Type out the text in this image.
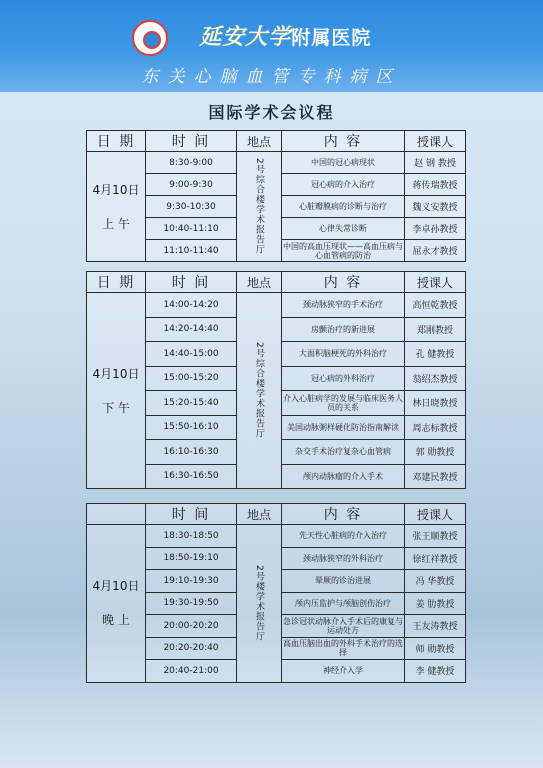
延安大学附属医院
东关心脑血管专科病区
国际学术会议程
日 期	时 间	地点	内 容	授课人

4月10日
上 午	8:30-9:00	2号综合楼学术报告厅	中国的冠心病现状	赵 钢 教授
	9:00-9:30		冠心病的介入治疗	蒋传瑞教授
	9:30-10:30		心脏瓣膜病的诊断与治疗	魏义安教授
	10:40-11:10		心律失常诊断	李卓孙教授
	11:10-11:40		中国的高血压现状——高血压病与心血管病的防治	屈永才教授
日 期	时 间	地点	内 容	授课人

4月10日
下 午	14:00-14:20	2号综合楼学术报告厅	颈动脉狭窄的手术治疗	高恒乾教授
	14:20-14:40		房颤治疗的新进展	郑刚教授
	14:40-15:00		大面积脑梗死的外科治疗	孔 健教授
	15:00-15:20		冠心病的外科治疗	翁绍杰教授
	15:20-15:40		介入心脏病学的发展与临床医务人员的关系	林日晓教授
	15:50-16:10		美国动脉粥样硬化防治指南解读	周志标教授
	16:10-16:30		杂交手术治疗复杂心血管病	郭 勋教授
	16:30-16:50		颅内动脉瘤的介入手术	邓建民教授
	时 间	地点	内 容	授课人

4月10日
晚 上	18:30-18:50	2号楼学术报告厅	先天性心脏病的介入治疗	张王顺教授
	18:50-19:10		颈动脉狭窄的外科治疗	徐红祥教授
	19:10-19:30		晕厥的诊治进展	冯 华教授
	19:30-19:50		颅内压监护与颅脑创伤治疗	姜 肋教授
	20:00-20:20		急诊冠状动脉介入手术后的康复与运动处方	王友涛教授
	20:20-20:40		高血压脑出血的外科手术治疗的选择	师 勋教授
	20:40-21:00		神经介入学	李 健教授
